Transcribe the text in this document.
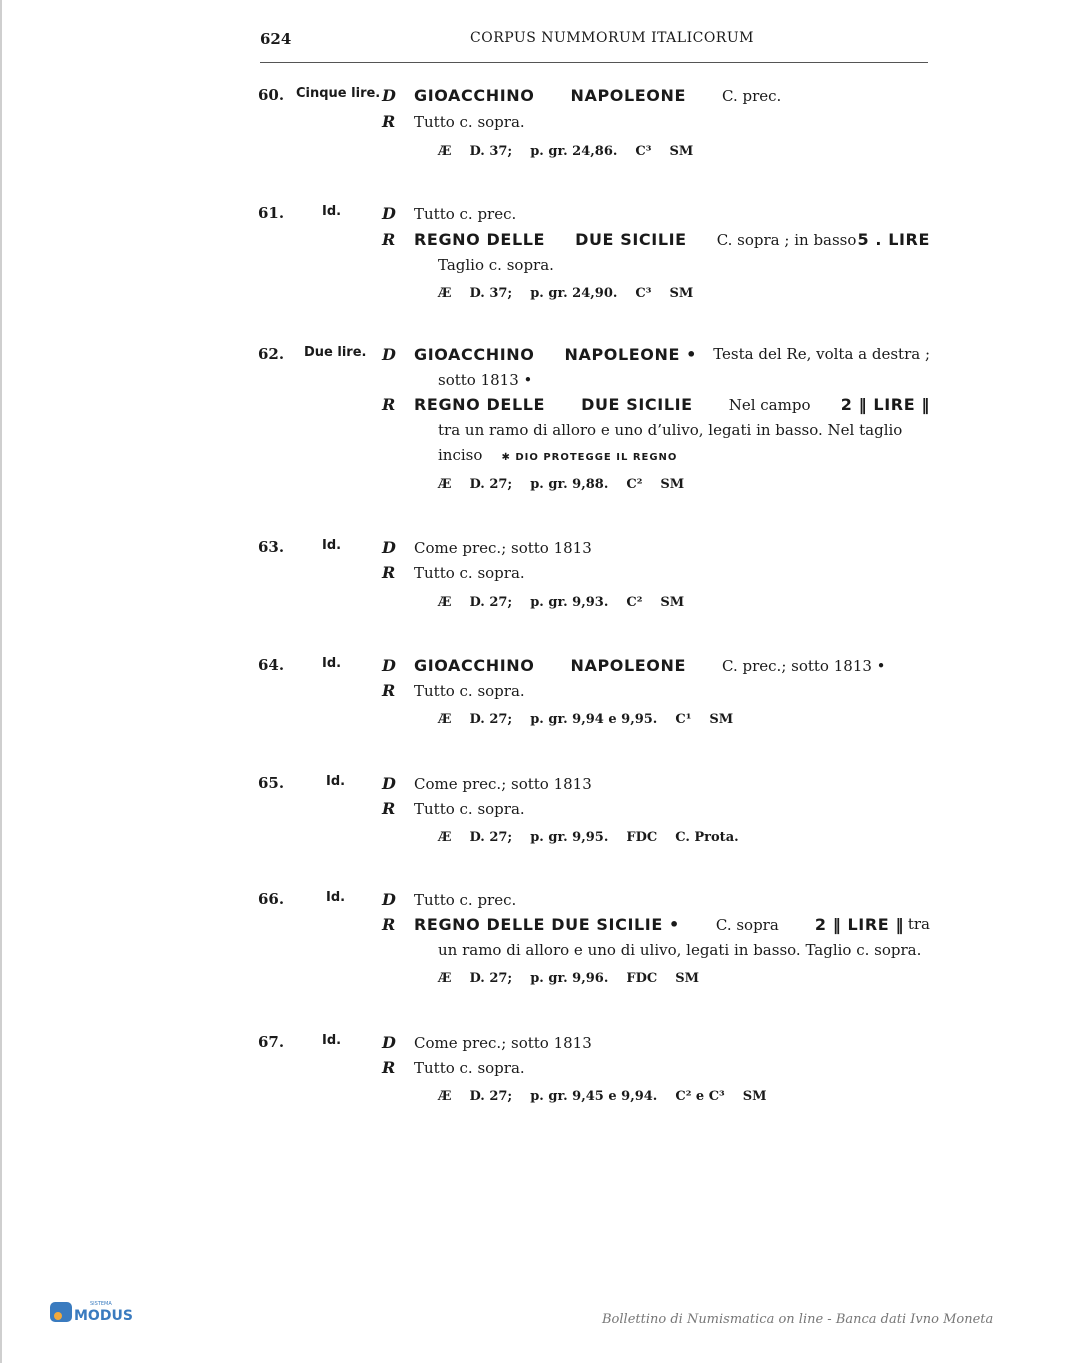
624	CORPUS NUMMORUM ITALICORUM
60. Cinque lire. D GIOACCHINO NAPOLEONE C. prec.
R Tutto c. sopra.
Æ D. 37; p. gr. 24,86. C³ SM
61.	Id.	D Tutto c. prec.
R REGNO DELLE DUE SICILIE C. sopra ; in basso 5 . LIRE
Taglio c. sopra.
Æ D. 37; p. gr. 24,90. C³ SM
62. Due lire. D GIOACCHINO NAPOLEONE • Testa del Re, volta a destra ;
sotto 1813 •
R REGNO DELLE DUE SICILIE Nel campo 2 ‖ LIRE ‖
tra un ramo di alloro e uno d’ulivo, legati in basso. Nel taglio
inciso ✱ DIO PROTEGGE IL REGNO
Æ D. 27; p. gr. 9,88. C² SM
63.	Id.	D Come prec.; sotto 1813
R Tutto c. sopra.
Æ D. 27; p. gr. 9,93. C² SM
64.	Id.	D GIOACCHINO NAPOLEONE C. prec.; sotto 1813 •
R Tutto c. sopra.
Æ D. 27; p. gr. 9,94 e 9,95. C¹ SM
65.	Id. D Come prec.; sotto 1813
R Tutto c. sopra.
Æ D. 27; p. gr. 9,95. FDC C. Prota.
66.	Id. D Tutto c. prec.
R REGNO DELLE DUE SICILIE • C. sopra 2 ‖ LIRE ‖ tra
un ramo di alloro e uno di ulivo, legati in basso. Taglio c. sopra.
Æ D. 27; p. gr. 9,96. FDC SM
67.	Id.	D Come prec.; sotto 1813
R Tutto c. sopra.
Æ D. 27; p. gr. 9,45 e 9,94. C² e C³ SM
MODUS
SISTEMA
Bollettino di Numismatica on line - Banca dati Ivno Moneta
